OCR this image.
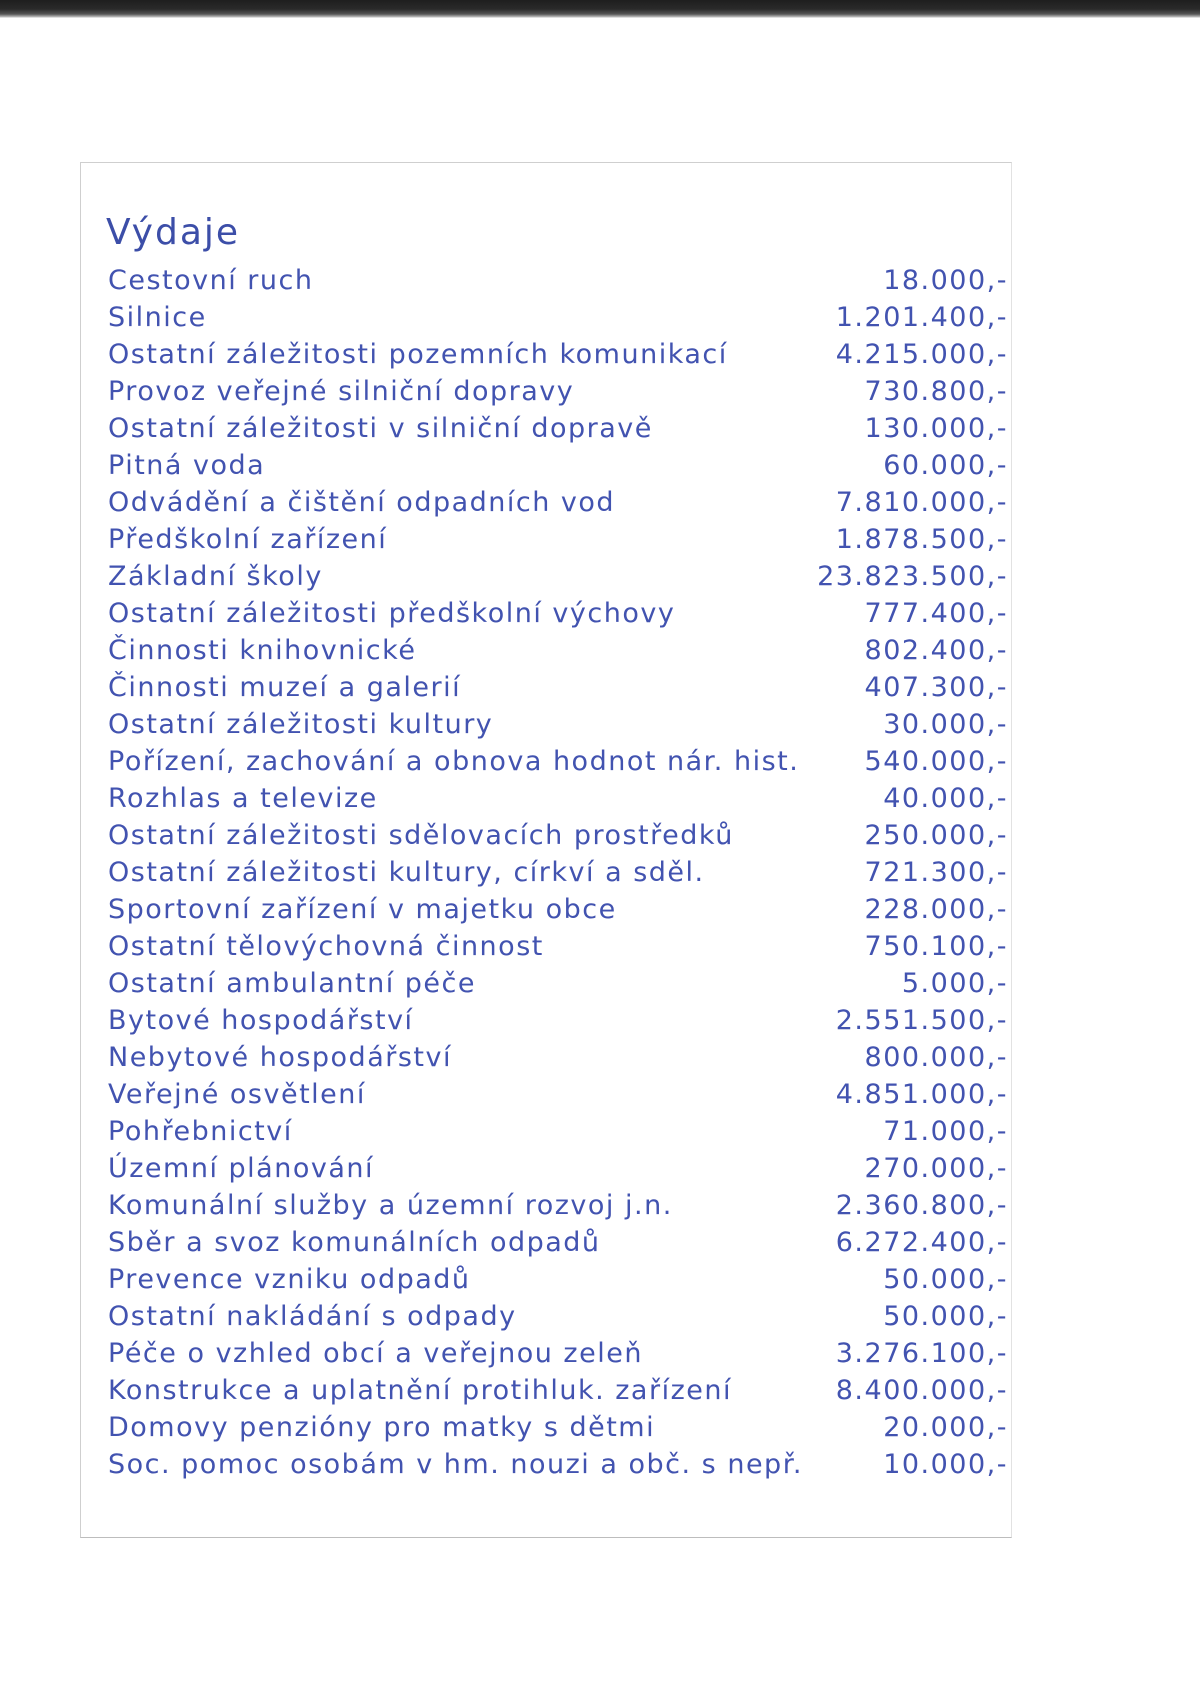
Výdaje
Cestovní ruch	18.000,-
Silnice	1.201.400,-
Ostatní záležitosti pozemních komunikací	4.215.000,-
Provoz veřejné silniční dopravy	730.800,-
Ostatní záležitosti v silniční dopravě	130.000,-
Pitná voda	60.000,-
Odvádění a čištění odpadních vod	7.810.000,-
Předškolní zařízení	1.878.500,-
Základní školy	23.823.500,-
Ostatní záležitosti předškolní výchovy	777.400,-
Činnosti knihovnické	802.400,-
Činnosti muzeí a galerií	407.300,-
Ostatní záležitosti kultury	30.000,-
Pořízení, zachování a obnova hodnot nár. hist. 540.000,-
Rozhlas a televize	40.000,-
Ostatní záležitosti sdělovacích prostředků	250.000,-
Ostatní záležitosti kultury, církví a sděl.	721.300,-
Sportovní zařízení v majetku obce	228.000,-
Ostatní tělovýchovná činnost	750.100,-
Ostatní ambulantní péče	5.000,-
Bytové hospodářství	2.551.500,-
Nebytové hospodářství	800.000,-
Veřejné osvětlení	4.851.000,-
Pohřebnictví	71.000,-
Územní plánování	270.000,-
Komunální služby a územní rozvoj j.n.	2.360.800,-
Sběr a svoz komunálních odpadů	6.272.400,-
Prevence vzniku odpadů	50.000,-
Ostatní nakládání s odpady	50.000,-
Péče o vzhled obcí a veřejnou zeleň	3.276.100,-
Konstrukce a uplatnění protihluk. zařízení	8.400.000,-
Domovy penzióny pro matky s dětmi	20.000,-
Soc. pomoc osobám v hm. nouzi a obč. s nepř.	10.000,-
